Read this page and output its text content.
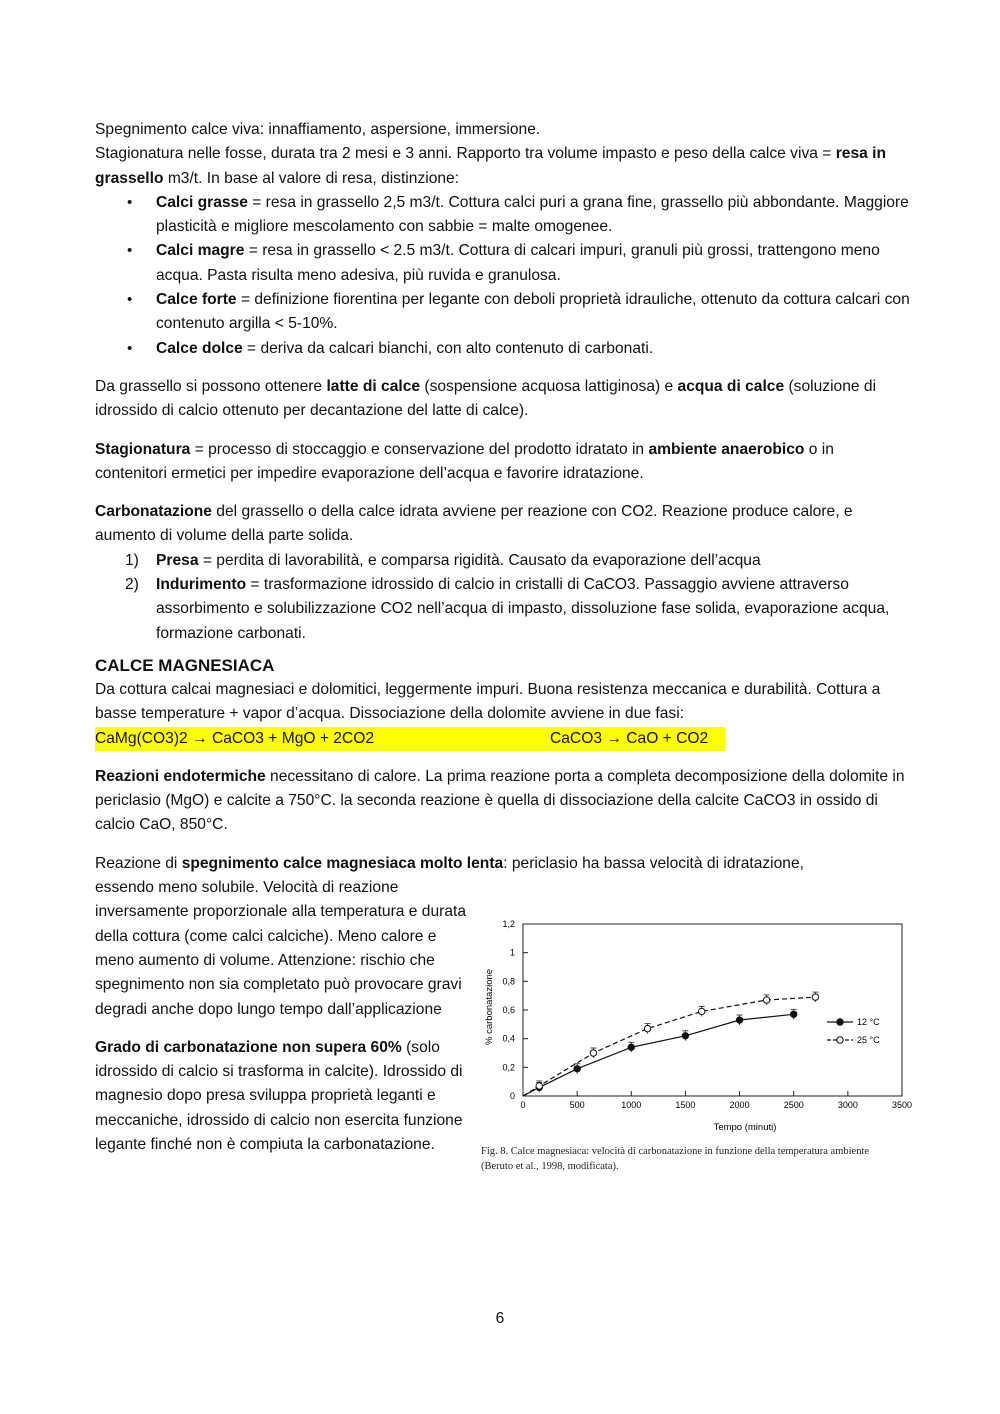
Spegnimento calce viva: innaffiamento, aspersione, immersione.

Stagionatura nelle fosse, durata tra 2 mesi e 3 anni. Rapporto tra volume impasto e peso della calce viva = resa in grassello m3/t. In base al valore di resa, distinzione:

• Calci grasse = resa in grassello 2,5 m3/t. Cottura calci puri a grana fine, grassello più abbondante. Maggiore plasticità e migliore mescolamento con sabbie = malte omogenee.
• Calci magre = resa in grassello < 2.5 m3/t. Cottura di calcari impuri, granuli più grossi, trattengono meno acqua. Pasta risulta meno adesiva, più ruvida e granulosa.
• Calce forte = definizione fiorentina per legante con deboli proprietà idrauliche, ottenuto da cottura calcari con contenuto argilla < 5-10%.
• Calce dolce = deriva da calcari bianchi, con alto contenuto di carbonati.

Da grassello si possono ottenere latte di calce (sospensione acquosa lattiginosa) e acqua di calce (soluzione di idrossido di calcio ottenuto per decantazione del latte di calce).

Stagionatura = processo di stoccaggio e conservazione del prodotto idratato in ambiente anaerobico o in contenitori ermetici per impedire evaporazione dell’acqua e favorire idratazione.

Carbonatazione del grassello o della calce idrata avviene per reazione con CO2. Reazione produce calore, e aumento di volume della parte solida.

1) Presa = perdita di lavorabilità, e comparsa rigidità. Causato da evaporazione dell’acqua
2) Indurimento = trasformazione idrossido di calcio in cristalli di CaCO3. Passaggio avviene attraverso assorbimento e solubilizzazione CO2 nell’acqua di impasto, dissoluzione fase solida, evaporazione acqua, formazione carbonati.
CALCE MAGNESIACA

Da cottura calcai magnesiaci e dolomitici, leggermente impuri. Buona resistenza meccanica e durabilità. Cottura a basse temperature + vapor d’acqua. Dissociazione della dolomite avviene in due fasi:

CaMg(CO3)2 → CaCO3 + MgO + 2CO2	CaCO3 → CaO + CO2

Reazioni endotermiche necessitano di calore. La prima reazione porta a completa decomposizione della dolomite in periclasio (MgO) e calcite a 750°C. la seconda reazione è quella di dissociazione della calcite CaCO3 in ossido di calcio CaO, 850°C.

Reazione di spegnimento calce magnesiaca molto lenta: periclasio ha bassa velocità di idratazione,

essendo meno solubile. Velocità di reazione inversamente proporzionale alla temperatura e durata della cottura (come calci calciche). Meno calore e meno aumento di volume. Attenzione: rischio che spegnimento non sia completato può provocare gravi degradi anche dopo lungo tempo dall’applicazione

Grado di carbonatazione non supera 60% (solo idrossido di calcio si trasforma in calcite). Idrossido di magnesio dopo presa sviluppa proprietà leganti e meccaniche, idrossido di calcio non esercita funzione legante finché non è compiuta la carbonatazione.

% carbonatazione
Tempo (minuti)
0
0,2
0,4
0,6
0,8
1
1,2
0	500	1000	1500	2000	2500	3000	3500
12 °C
25 °C
Fig. 8. Calce magnesiaca: velocità di carbonatazione in funzione della temperatura ambiente
(Beruto et al., 1998, modificata).
6
